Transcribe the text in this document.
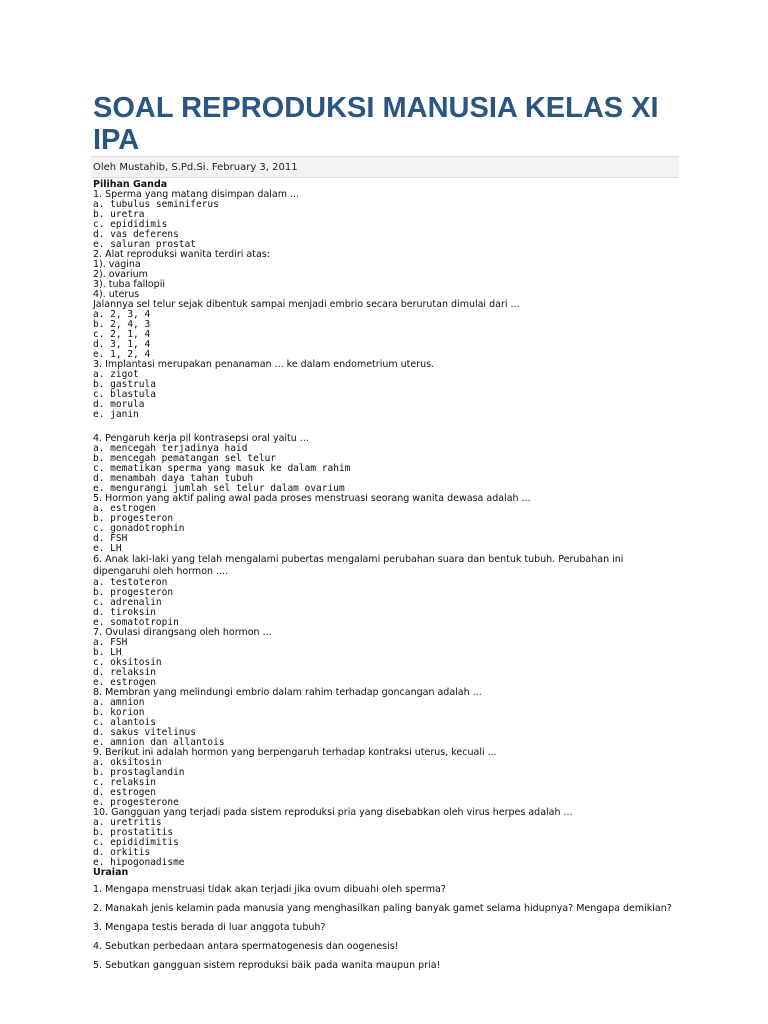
SOAL REPRODUKSI MANUSIA KELAS XI IPA
Oleh Mustahib, S.Pd.Si. February 3, 2011
Pilihan Ganda
1. Sperma yang matang disimpan dalam ...
a. tubulus seminiferus
b. uretra
c. epididimis
d. vas deferens
e. saluran prostat
2. Alat reproduksi wanita terdiri atas:
1). vagina
2). ovarium
3). tuba fallopii
4). uterus
Jalannya sel telur sejak dibentuk sampai menjadi embrio secara berurutan dimulai dari ...
a. 2, 3, 4
b. 2, 4, 3
c. 2, 1, 4
d. 3, 1, 4
e. 1, 2, 4
3. Implantasi merupakan penanaman ... ke dalam endometrium uterus.
a. zigot
b. gastrula
c. blastula
d. morula
e. janin
4. Pengaruh kerja pil kontrasepsi oral yaitu ...
a. mencegah terjadinya haid
b. mencegah pematangan sel telur
c. mematikan sperma yang masuk ke dalam rahim
d. menambah daya tahan tubuh
e. mengurangi jumlah sel telur dalam ovarium
5. Hormon yang aktif paling awal pada proses menstruasi seorang wanita dewasa adalah ...
a. estrogen
b. progesteron
c. gonadotrophin
d. FSH
e. LH
6. Anak laki-laki yang telah mengalami pubertas mengalami perubahan suara dan bentuk tubuh. Perubahan ini dipengaruhi oleh hormon ....
a. testoteron
b. progesteron
c. adrenalin
d. tiroksin
e. somatotropin
7. Ovulasi dirangsang oleh hormon ...
a. FSH
b. LH
c. oksitosin
d. relaksin
e. estrogen
8. Membran yang melindungi embrio dalam rahim terhadap goncangan adalah ...
a. amnion
b. korion
c. alantois
d. sakus vitelinus
e. amnion dan allantois
9. Berikut ini adalah hormon yang berpengaruh terhadap kontraksi uterus, kecuali ...
a. oksitosin
b. prostaglandin
c. relaksin
d. estrogen
e. progesterone
10. Gangguan yang terjadi pada sistem reproduksi pria yang disebabkan oleh virus herpes adalah ...
a. uretritis
b. prostatitis
c. epididimitis
d. orkitis
e. hipogonadisme
Uraian
1. Mengapa menstruasi tidak akan terjadi jika ovum dibuahi oleh sperma?
2. Manakah jenis kelamin pada manusia yang menghasilkan paling banyak gamet selama hidupnya? Mengapa demikian?
3. Mengapa testis berada di luar anggota tubuh?
4. Sebutkan perbedaan antara spermatogenesis dan oogenesis!
5. Sebutkan gangguan sistem reproduksi baik pada wanita maupun pria!
